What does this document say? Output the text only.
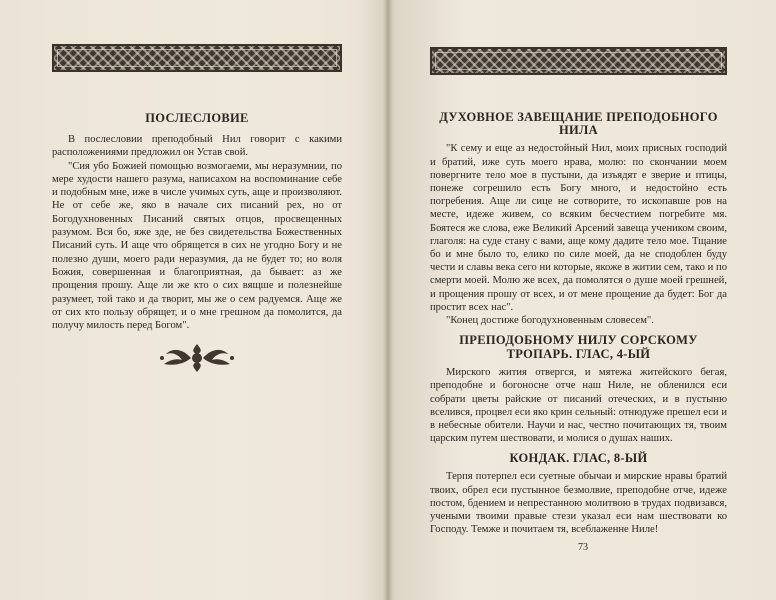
ПОСЛЕСЛОВИЕ

В послесловии преподобный Нил говорит с какими расположениями предложил он Устав свой.

"Сия убо Божией помощью возмогаеми, мы неразумнии, по мере худости нашего разума, написахом на воспоминание себе и подобным мне, иже в числе учимых суть, аще и произволяют. Не от себе же, яко в начале сих писаний рех, но от Богодухновенных Писаний святых отцов, просвещенных разумом. Вся бо, яже зде, не без свидетельства Божественных Писаний суть. И аще что обрящется в сих не угодно Богу и не полезно души, моего ради неразумия, да не будет то; но воля Божия, совершенная и благоприятная, да бывает: аз же прощения прошу. Аще ли же кто о сих вящше и полезнейше разумеет, той тако и да творит, мы же о сем радуемся. Аще же от сих кто пользу обрящет, и о мне грешном да помолится, да получу милость перед Богом".

ДУХОВНОЕ ЗАВЕЩАНИЕ ПРЕПОДОБНОГО НИЛА

"К сему и еще аз недостойный Нил, моих присных господий и братий, иже суть моего нрава, молю: по скончании моем повергните тело мое в пустыни, да изъядят е зверие и птицы, понеже согрешило есть Богу много, и недостойно есть погребения. Аще ли сице не сотворите, то ископавше ров на месте, идеже живем, со всяким бесчестием погребите мя. Боятеся же слова, еже Великий Арсений завеща учеником своим, глаголя: на суде стану с вами, аще кому дадите тело мое. Тщание бо и мне было то, елико по силе моей, да не сподоблен буду чести и славы века сего ни которые, якоже в житии сем, тако и по смерти моей. Молю же всех, да помолятся о душе моей грешней, и прощения прошу от всех, и от мене прощение да будет: Бог да простит всех нас".

"Конец достиже богодухновенным словесем".

ПРЕПОДОБНОМУ НИЛУ СОРСКОМУ ТРОПАРЬ. ГЛАС, 4-ЫЙ

Мирского жития отвергся, и мятежа житейского бегая, преподобне и богоносне отче наш Ниле, не обленился еси собрати цветы райские от писаний отеческих, и в пустыню вселився, процвел еси яко крин сельный: отнюдуже прешел еси и в небесные обители. Научи и нас, честно почитающих тя, твоим царским путем шествовати, и молися о душах наших.

КОНДАК. ГЛАС, 8-ЫЙ

Терпя потерпел еси суетные обычаи и мирские нравы братий твоих, обрел еси пустынное безмолвие, преподобне отче, идеже постом, бдением и непрестанною молитвою в трудах подвизався, учеными твоими правые стези указал еси нам шествовати ко Господу. Темже и почитаем тя, всеблаженне Ниле!

73
